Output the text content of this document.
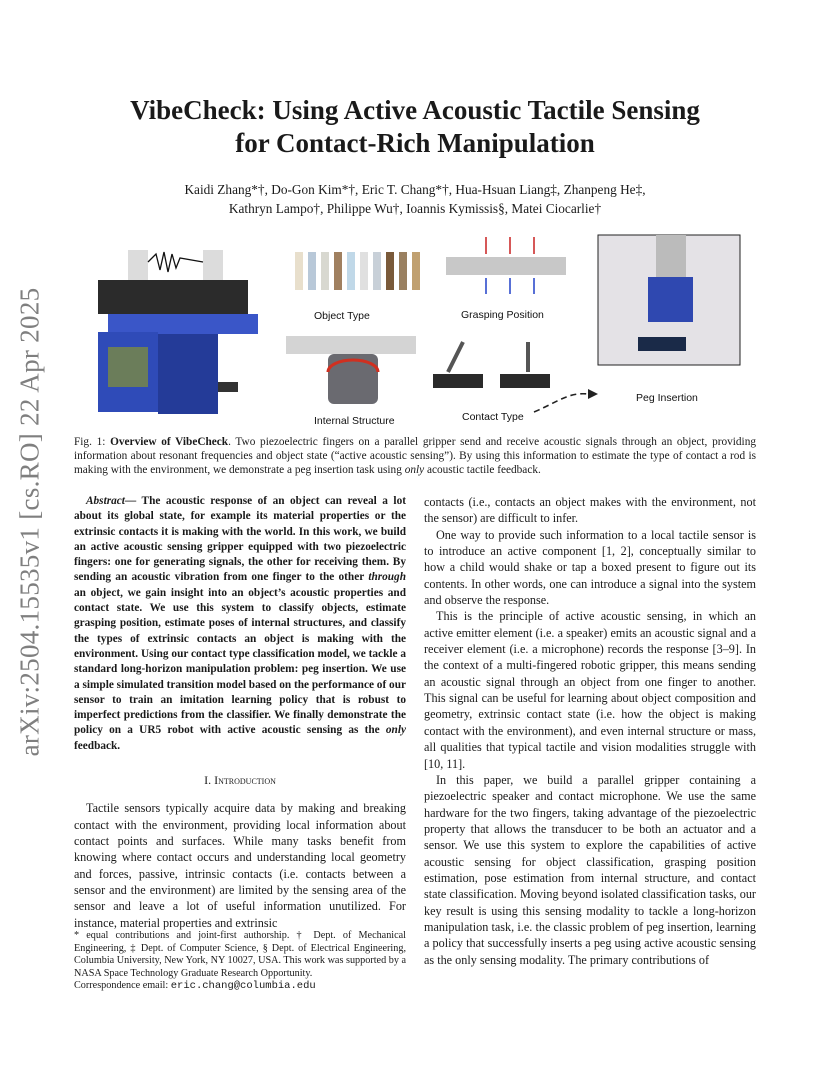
arXiv:2504.15535v1 [cs.RO] 22 Apr 2025
VibeCheck: Using Active Acoustic Tactile Sensing
for Contact-Rich Manipulation
Kaidi Zhang*†, Do-Gon Kim*†, Eric T. Chang*†, Hua-Hsuan Liang‡, Zhanpeng He‡,
Kathryn Lampo†, Philippe Wu†, Ioannis Kymissis§, Matei Ciocarlie†
Object Type	Grasping Position
Internal Structure	Contact Type
Peg Insertion
Fig. 1: Overview of VibeCheck. Two piezoelectric fingers on a parallel gripper send and receive acoustic signals through an object, providing information about resonant frequencies and object state (“active acoustic sensing”). By using this information to estimate the type of contact a rod is making with the environment, we demonstrate a peg insertion task using only acoustic tactile feedback.

Abstract— The acoustic response of an object can reveal a lot about its global state, for example its material properties or the extrinsic contacts it is making with the world. In this work, we build an active acoustic sensing gripper equipped with two piezoelectric fingers: one for generating signals, the other for receiving them. By sending an acoustic vibration from one finger to the other through an object, we gain insight into an object’s acoustic properties and contact state. We use this system to classify objects, estimate grasping position, estimate poses of internal structures, and classify the types of extrinsic contacts an object is making with the environment. Using our contact type classification model, we tackle a standard long-horizon manipulation problem: peg insertion. We use a simple simulated transition model based on the performance of our sensor to train an imitation learning policy that is robust to imperfect predictions from the classifier. We finally demonstrate the policy on a UR5 robot with active acoustic sensing as the only feedback.

I. Introduction

Tactile sensors typically acquire data by making and breaking contact with the environment, providing local information about contact points and surfaces. While many tasks benefit from knowing where contact occurs and understanding local geometry and forces, passive, intrinsic contacts (i.e. contacts between a sensor and the environment) are limited by the sensing area of the sensor and leave a lot of useful information unutilized. For instance, material properties and extrinsic

* equal contributions and joint-first authorship. † Dept. of Mechanical Engineering, ‡ Dept. of Computer Science, § Dept. of Electrical Engineering, Columbia University, New York, NY 10027, USA. This work was supported by a NASA Space Technology Graduate Research Opportunity.
Correspondence email: eric.chang@columbia.edu

contacts (i.e., contacts an object makes with the environment, not the sensor) are difficult to infer.

One way to provide such information to a local tactile sensor is to introduce an active component [1, 2], conceptually similar to how a child would shake or tap a boxed present to figure out its contents. In other words, one can introduce a signal into the system and observe the response.

This is the principle of active acoustic sensing, in which an active emitter element (i.e. a speaker) emits an acoustic signal and a receiver element (i.e. a microphone) records the response [3–9]. In the context of a multi-fingered robotic gripper, this means sending an acoustic signal through an object from one finger to another. This signal can be useful for learning about object composition and geometry, extrinsic contact state (i.e. how the object is making contact with the environment), and even internal structure or mass, all qualities that typical tactile and vision modalities struggle with [10, 11].

In this paper, we build a parallel gripper containing a piezoelectric speaker and contact microphone. We use the same hardware for the two fingers, taking advantage of the piezoelectric property that allows the transducer to be both an actuator and a sensor. We use this system to explore the capabilities of active acoustic sensing for object classification, grasping position estimation, pose estimation from internal structure, and contact state classification. Moving beyond isolated classification tasks, our key result is using this sensing modality to tackle a long-horizon manipulation task, i.e. the classic problem of peg insertion, learning a policy that successfully inserts a peg using active acoustic sensing as the only sensing modality. The primary contributions of
